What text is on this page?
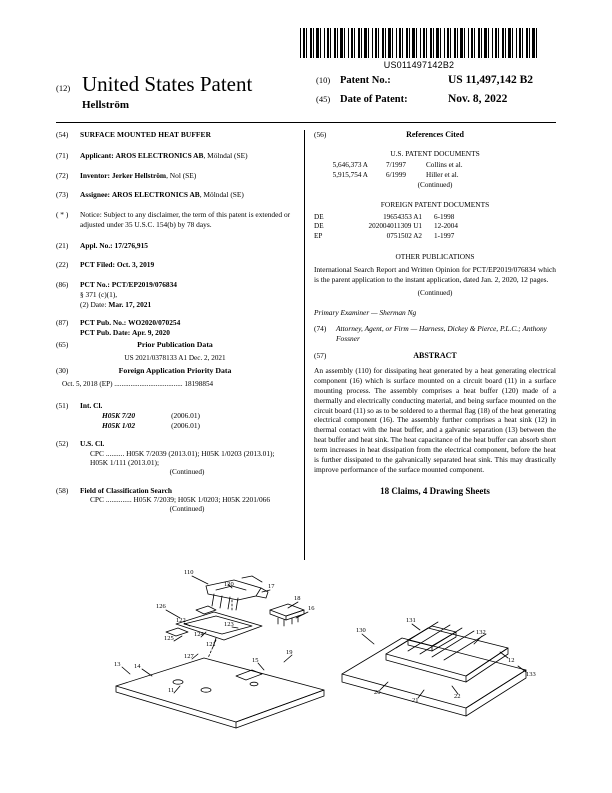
US011497142B2
(12) United States Patent
Hellström
(10) Patent No.:	US 11,497,142 B2
(45) Date of Patent:	Nov. 8, 2022
(54) SURFACE MOUNTED HEAT BUFFER
(71) Applicant: AROS ELECTRONICS AB, Mölndal (SE)
(72) Inventor: Jerker Hellström, Nol (SE)
(73) Assignee: AROS ELECTRONICS AB, Mölndal (SE)
( * ) Notice: Subject to any disclaimer, the term of this patent is extended or adjusted under 35 U.S.C. 154(b) by 78 days.
(21) Appl. No.: 17/276,915
(22) PCT Filed: Oct. 3, 2019
(86) PCT No.: PCT/EP2019/076834
§ 371 (c)(1),
(2) Date: Mar. 17, 2021
(87) PCT Pub. No.: WO2020/070254
PCT Pub. Date: Apr. 9, 2020
(65)	Prior Publication Data
US 2021/0378133 A1 Dec. 2, 2021
(30)	Foreign Application Priority Data
Oct. 5, 2018 (EP) ...................................... 18198854
(51) Int. Cl.
H05K 7/20	(2006.01)
H05K 1/02	(2006.01)
(52) U.S. Cl.
CPC .......... H05K 7/2039 (2013.01); H05K 1/0203 (2013.01); H05K 1/111 (2013.01);
(Continued)
(58) Field of Classification Search
CPC .............. H05K 7/2039; H05K 1/0203; H05K 2201/066
(Continued)
(56)	References Cited
U.S. PATENT DOCUMENTS
5,646,373 A		7/1997	Collins et al.
5,915,754 A		6/1999	Hiller et al.
(Continued)
FOREIGN PATENT DOCUMENTS
DE	19654353 A1	6-1998
DE	202004011309 U1	12-2004
EP	0751502 A2	1-1997
OTHER PUBLICATIONS
International Search Report and Written Opinion for PCT/EP2019/076834 which is the parent application to the instant application, dated Jan. 2, 2020, 12 pages.
(Continued)
Primary Examiner — Sherman Ng
(74) Attorney, Agent, or Firm — Harness, Dickey & Pierce, P.L.C.; Anthony Fossner
(57)	ABSTRACT
An assembly (110) for dissipating heat generated by a heat generating electrical component (16) which is surface mounted on a circuit board (11) in a surface mounting process. The assembly comprises a heat buffer (120) made of a thermally and electrically conducting material, and being surface mounted on the circuit board (11) so as to be soldered to a thermal flag (18) of the heat generating electrical component (16). The assembly further comprises a heat sink (12) in thermal contact with the heat buffer, and a galvanic separation (13) between the heat buffer and heat sink. The heat capacitance of the heat buffer can absorb short term increases in heat dissipation from the electrical component, before the heat is further dissipated to the galvanically separated heat sink. This may drastically improve performance of the surface mounted component.
18 Claims, 4 Drawing Sheets
110
120	17
18
16
126
122
123
124
125
121
127
13 14
15
19
130
131
132
12
133
20
21
22
11
